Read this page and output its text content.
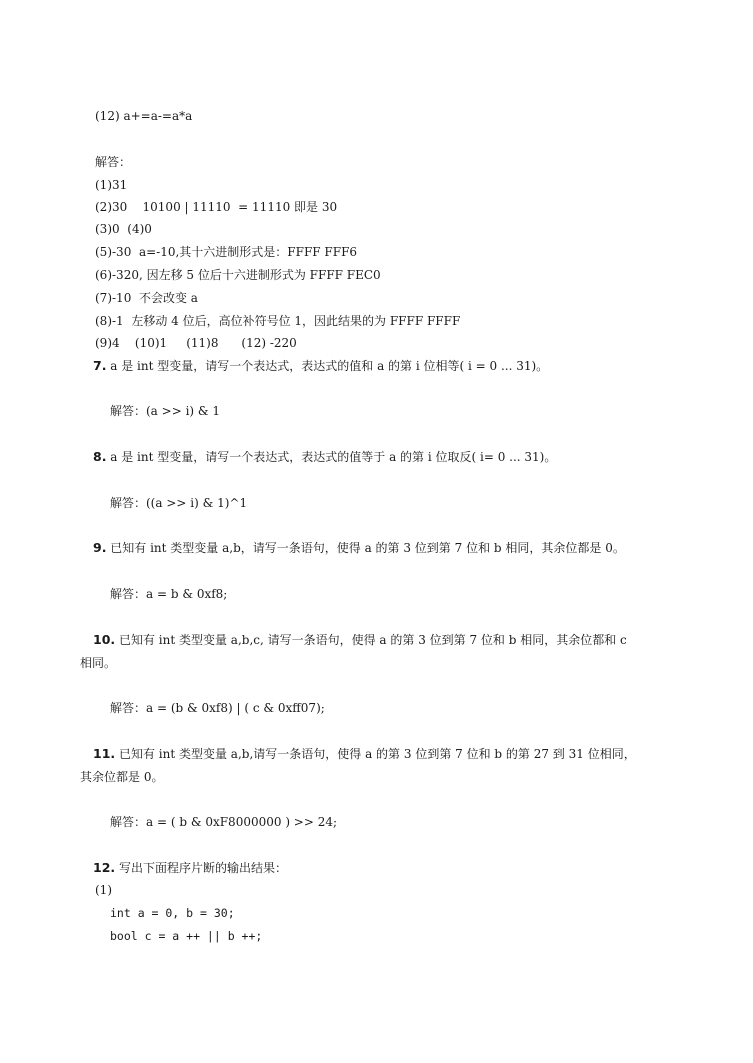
(12) a+=a-=a*a

解答：

(1)31

(2)30    10100 | 11110  = 11110 即是 30

(3)0  (4)0

(5)-30  a=-10,其十六进制形式是：FFFF FFF6

(6)-320, 因左移 5 位后十六进制形式为 FFFF FEC0

(7)-10  不会改变 a

(8)-1  左移动 4 位后，高位补符号位 1，因此结果的为 FFFF FFFF

(9)4    (10)1     (11)8      (12) -220

7. a 是 int 型变量，请写一个表达式，表达式的值和 a 的第 i 位相等( i = 0 ... 31)。

解答：(a >> i) & 1

8. a 是 int 型变量，请写一个表达式，表达式的值等于 a 的第 i 位取反( i= 0 ... 31)。

解答：((a >> i) & 1)^1

9. 已知有 int 类型变量 a,b，请写一条语句，使得 a 的第 3 位到第 7 位和 b 相同，其余位都是 0。

解答：a = b & 0xf8;

10. 已知有 int 类型变量 a,b,c, 请写一条语句，使得 a 的第 3 位到第 7 位和 b 相同，其余位都和 c

相同。

解答：a = (b & 0xf8) | ( c & 0xff07);

11. 已知有 int 类型变量 a,b,请写一条语句，使得 a 的第 3 位到第 7 位和 b 的第 27 到 31 位相同，

其余位都是 0。

解答：a = ( b & 0xF8000000 ) >> 24;

12. 写出下面程序片断的输出结果：

(1)

int a = 0, b = 30;

bool c = a ++ || b ++;
